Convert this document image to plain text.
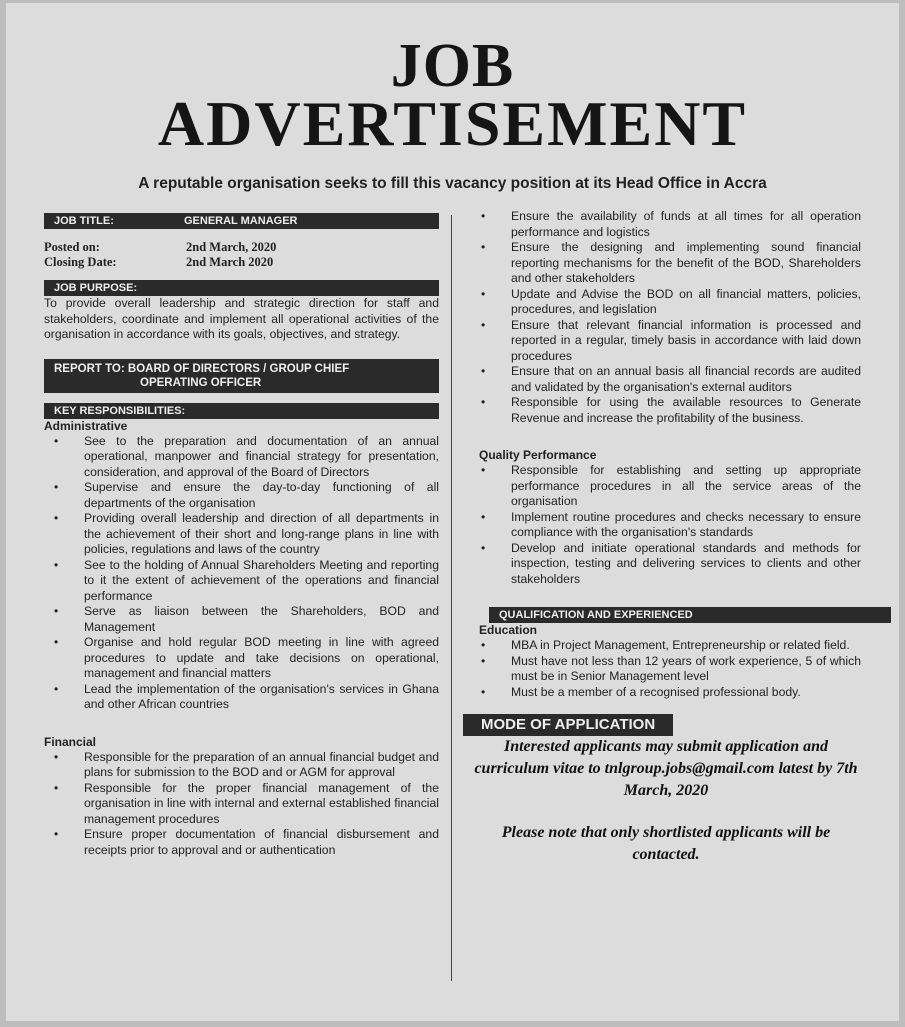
JOB
ADVERTISEMENT
A reputable organisation seeks to fill this vacancy position at its Head Office in Accra
JOB TITLE:	GENERAL MANAGER
Posted on:	2nd March, 2020
Closing Date:	2nd March 2020
JOB PURPOSE:

To provide overall leadership and strategic direction for staff and stakeholders, coordinate and implement all operational activities of the organisation in accordance with its goals, objectives, and strategy.

REPORT TO: BOARD OF DIRECTORS / GROUP CHIEF
OPERATING OFFICER
KEY RESPONSIBILITIES:
Administrative
• See to the preparation and documentation of an annual operational, manpower and financial strategy for presentation, consideration, and approval of the Board of Directors
• Supervise and ensure the day-to-day functioning of all departments of the organisation
• Providing overall leadership and direction of all departments in the achievement of their short and long-range plans in line with policies, regulations and laws of the country
• See to the holding of Annual Shareholders Meeting and reporting to it the extent of achievement of the operations and financial performance
• Serve as liaison between the Shareholders, BOD and Management
• Organise and hold regular BOD meeting in line with agreed procedures to update and take decisions on operational, management and financial matters
• Lead the implementation of the organisation's services in Ghana and other African countries
Financial
• Responsible for the preparation of an annual financial budget and plans for submission to the BOD and or AGM for approval
• Responsible for the proper financial management of the organisation in line with internal and external established financial management procedures
• Ensure proper documentation of financial disbursement and receipts prior to approval and or authentication
• Ensure the availability of funds at all times for all operation performance and logistics
• Ensure the designing and implementing sound financial reporting mechanisms for the benefit of the BOD, Shareholders and other stakeholders
• Update and Advise the BOD on all financial matters, policies, procedures, and legislation
• Ensure that relevant financial information is processed and reported in a regular, timely basis in accordance with laid down procedures
• Ensure that on an annual basis all financial records are audited and validated by the organisation's external auditors
• Responsible for using the available resources to Generate Revenue and increase the profitability of the business.
Quality Performance
• Responsible for establishing and setting up appropriate performance procedures in all the service areas of the organisation
• Implement routine procedures and checks necessary to ensure compliance with the organisation's standards
• Develop and initiate operational standards and methods for inspection, testing and delivering services to clients and other stakeholders
QUALIFICATION AND EXPERIENCED
Education
• MBA in Project Management, Entrepreneurship or related field.
• Must have not less than 12 years of work experience, 5 of which must be in Senior Management level
• Must be a member of a recognised professional body.
MODE OF APPLICATION
Interested applicants may submit application and curriculum vitae to tnlgroup.jobs@gmail.com latest by 7th March, 2020
Please note that only shortlisted applicants will be contacted.
